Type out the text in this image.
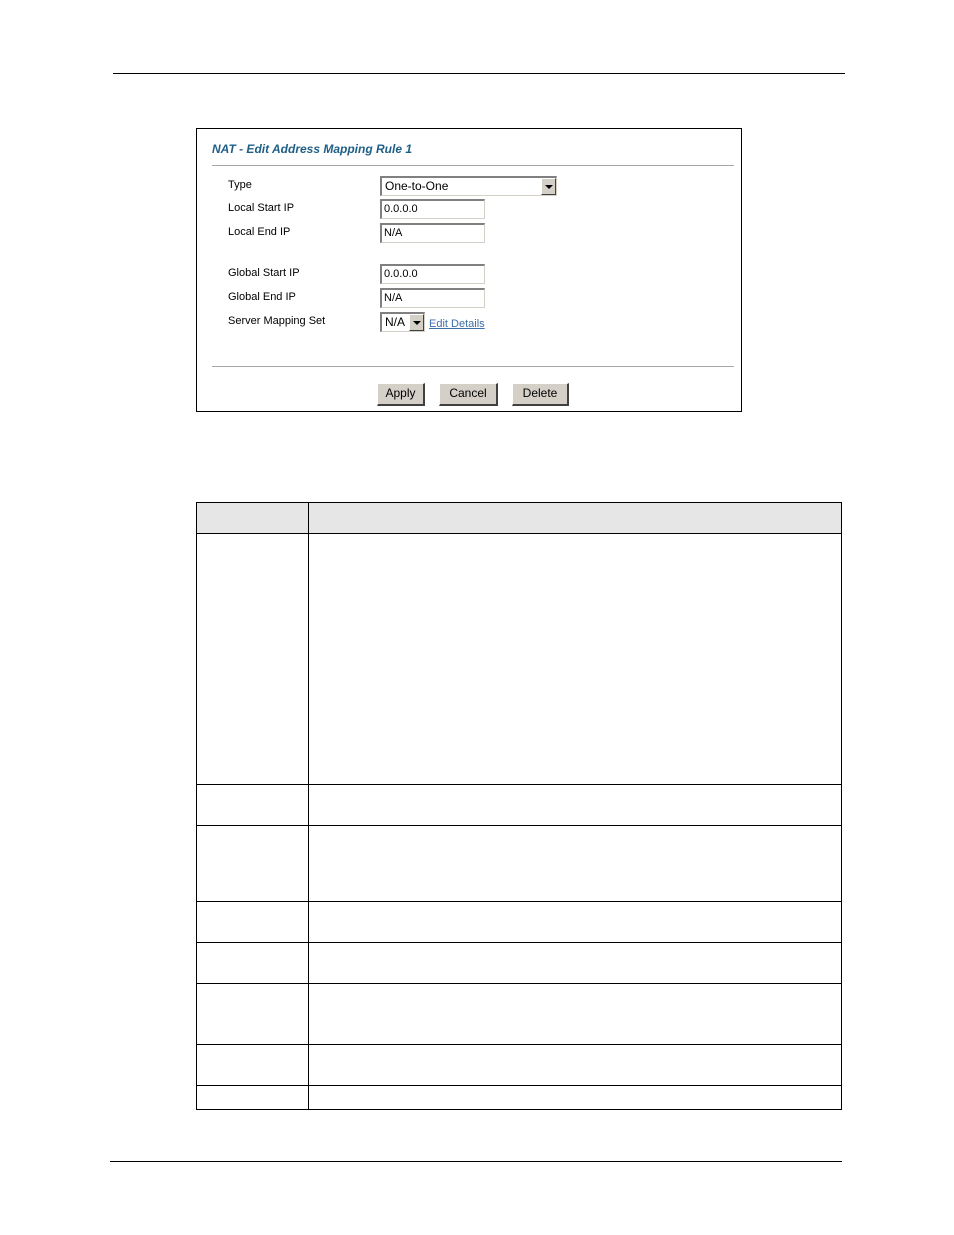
NAT - Edit Address Mapping Rule 1
Type	One-to-One
Local Start IP	0.0.0.0
Local End IP	N/A
Global Start IP	0.0.0.0
Global End IP	N/A
Server Mapping Set	N/A Edit Details
Apply	Cancel	Delete
